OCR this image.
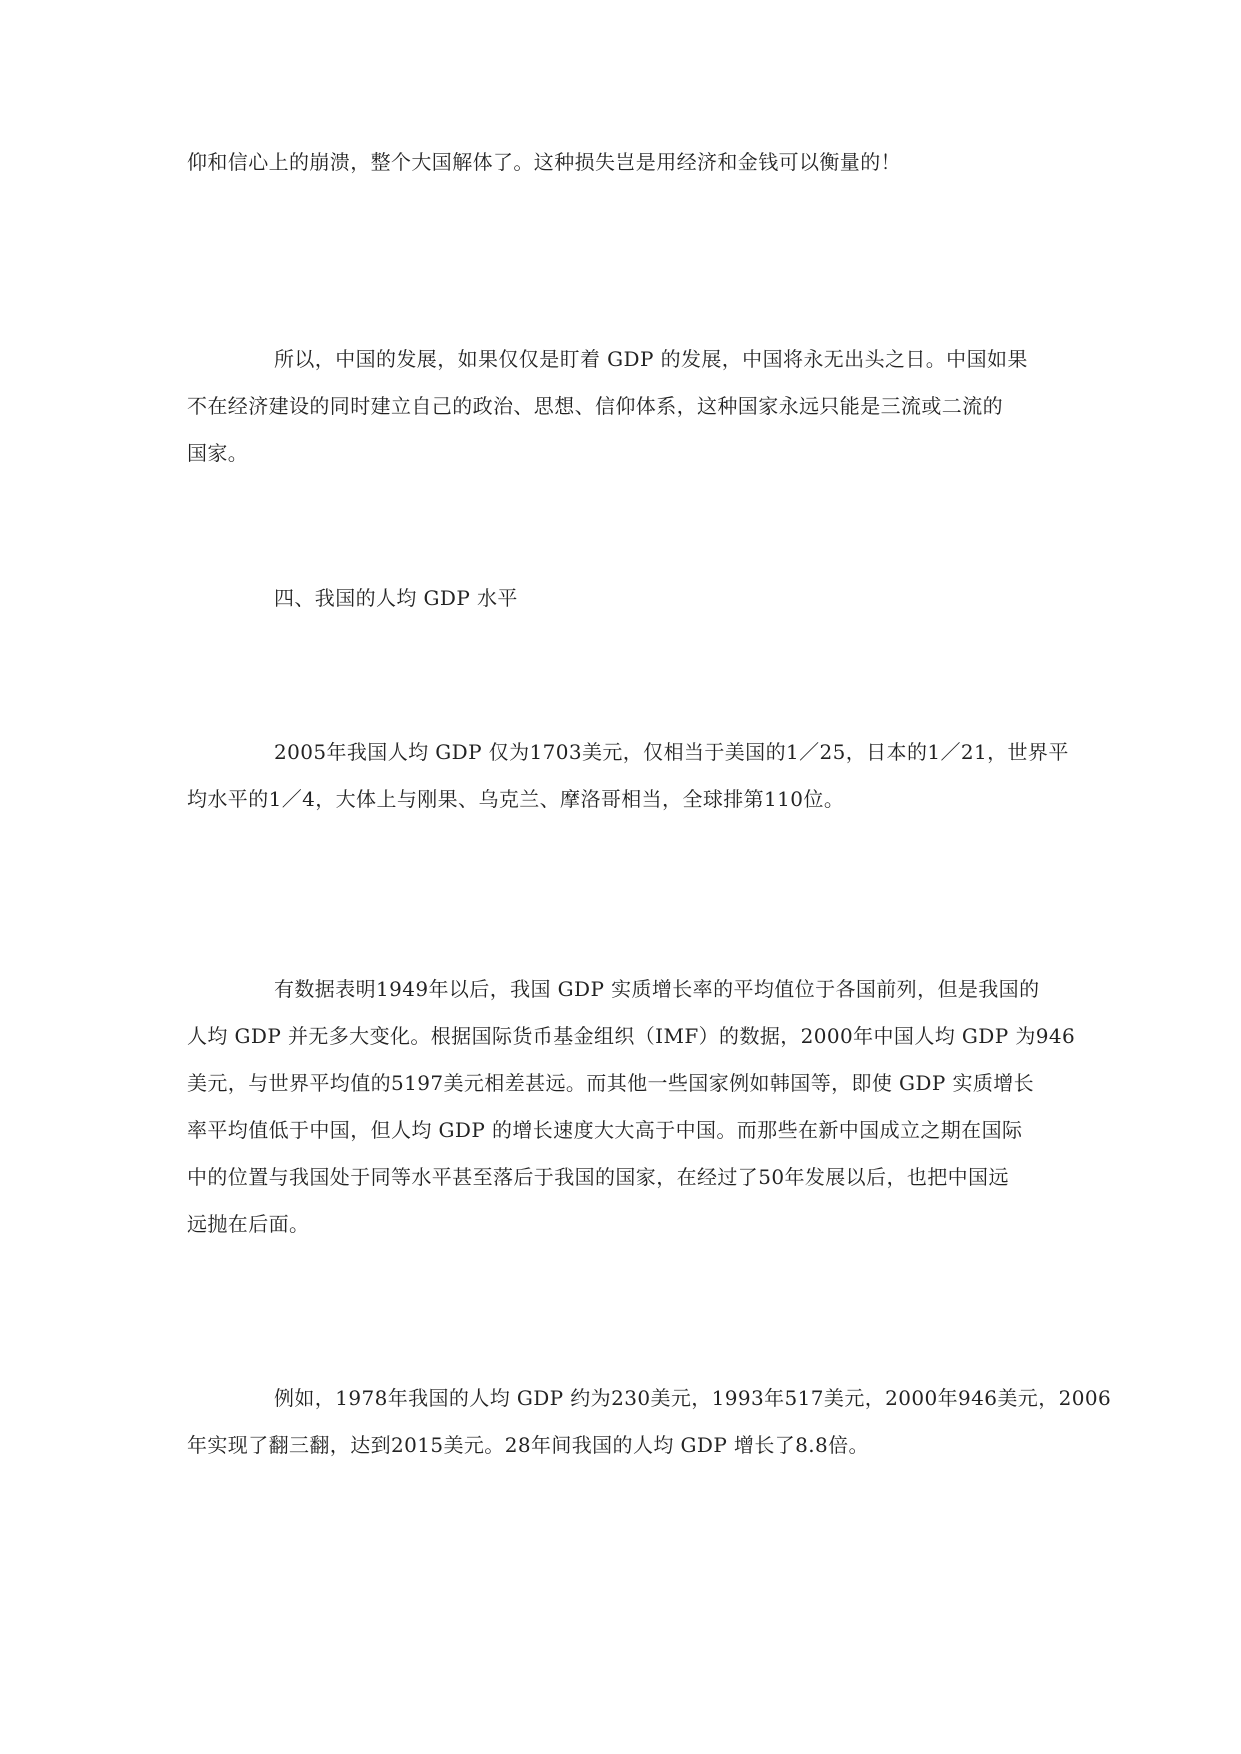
仰和信心上的崩溃，整个大国解体了。这种损失岂是用经济和金钱可以衡量的！

所以，中国的发展，如果仅仅是盯着 GDP 的发展，中国将永无出头之日。中国如果
不在经济建设的同时建立自己的政治、思想、信仰体系，这种国家永远只能是三流或二流的
国家。

四、我国的人均 GDP 水平

2005年我国人均 GDP 仅为1703美元，仅相当于美国的1／25，日本的1／21，世界平
均水平的1／4，大体上与刚果、乌克兰、摩洛哥相当，全球排第110位。

有数据表明1949年以后，我国 GDP 实质增长率的平均值位于各国前列，但是我国的
人均 GDP 并无多大变化。根据国际货币基金组织（IMF）的数据，2000年中国人均 GDP 为946
美元，与世界平均值的5197美元相差甚远。而其他一些国家例如韩国等，即使 GDP 实质增长
率平均值低于中国，但人均 GDP 的增长速度大大高于中国。而那些在新中国成立之期在国际
中的位置与我国处于同等水平甚至落后于我国的国家，在经过了50年发展以后，也把中国远
远抛在后面。

例如，1978年我国的人均 GDP 约为230美元，1993年517美元，2000年946美元，2006
年实现了翻三翻，达到2015美元。28年间我国的人均 GDP 增长了8.8倍。
